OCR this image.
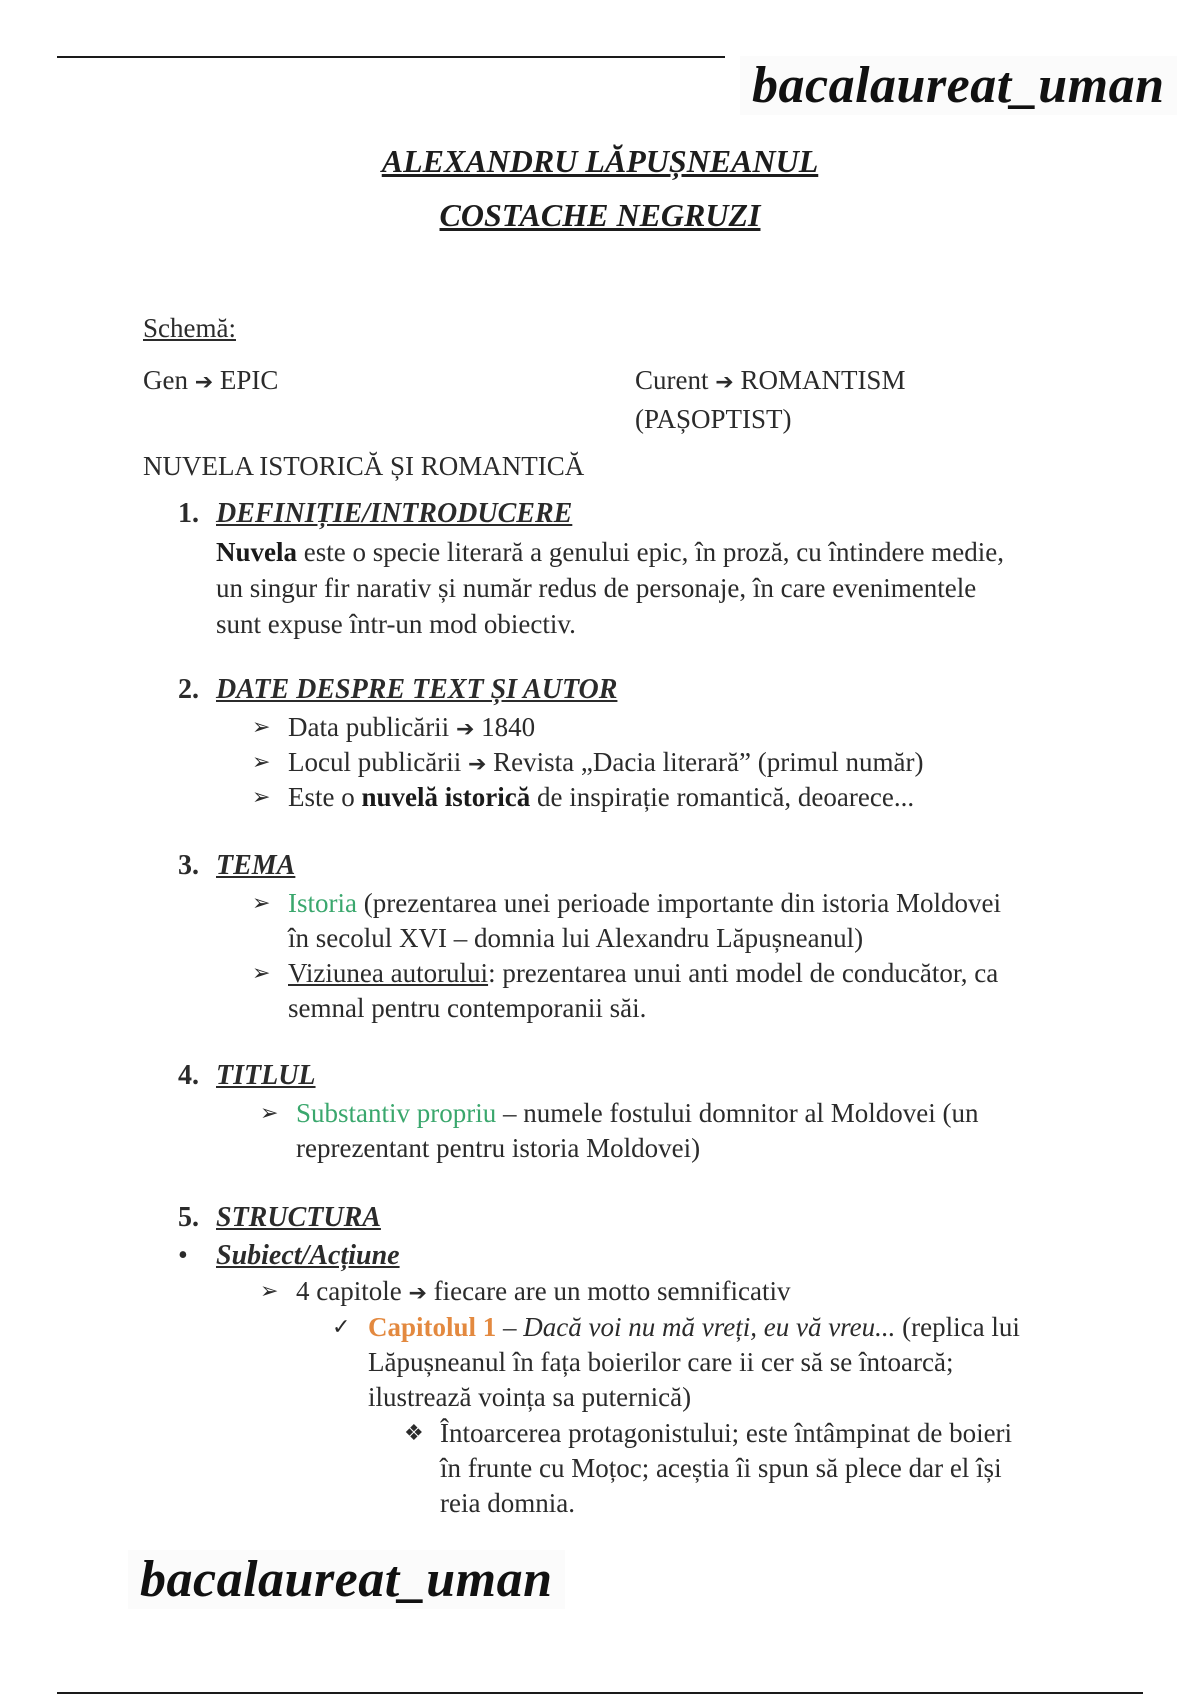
bacalaureat_uman
ALEXANDRU LĂPUȘNEANUL
COSTACHE NEGRUZI
Schemă:
Gen ➔ EPIC	Curent ➔ ROMANTISM
(PAȘOPTIST)
NUVELA ISTORICĂ ȘI ROMANTICĂ
1. DEFINIȚIE/INTRODUCERE
Nuvela este o specie literară a genului epic, în proză, cu întindere medie,
un singur fir narativ și număr redus de personaje, în care evenimentele
sunt expuse într-un mod obiectiv.
2. DATE DESPRE TEXT ȘI AUTOR
➢ Data publicării ➔ 1840
➢ Locul publicării ➔ Revista „Dacia literară” (primul număr)
➢ Este o nuvelă istorică de inspirație romantică, deoarece...
3. TEMA
➢ Istoria (prezentarea unei perioade importante din istoria Moldovei
în secolul XVI – domnia lui Alexandru Lăpușneanul)
➢ Viziunea autorului: prezentarea unui anti model de conducător, ca
semnal pentru contemporanii săi.
4. TITLUL
➢ Substantiv propriu – numele fostului domnitor al Moldovei (un
reprezentant pentru istoria Moldovei)
5. STRUCTURA
• Subiect/Acțiune
➢ 4 capitole ➔ fiecare are un motto semnificativ
✓ Capitolul 1 – Dacă voi nu mă vreți, eu vă vreu... (replica lui
Lăpușneanul în fața boierilor care ii cer să se întoarcă;
ilustrează voința sa puternică)
❖ Întoarcerea protagonistului; este întâmpinat de boieri
în frunte cu Moțoc; aceștia îi spun să plece dar el își
reia domnia.
bacalaureat_uman
